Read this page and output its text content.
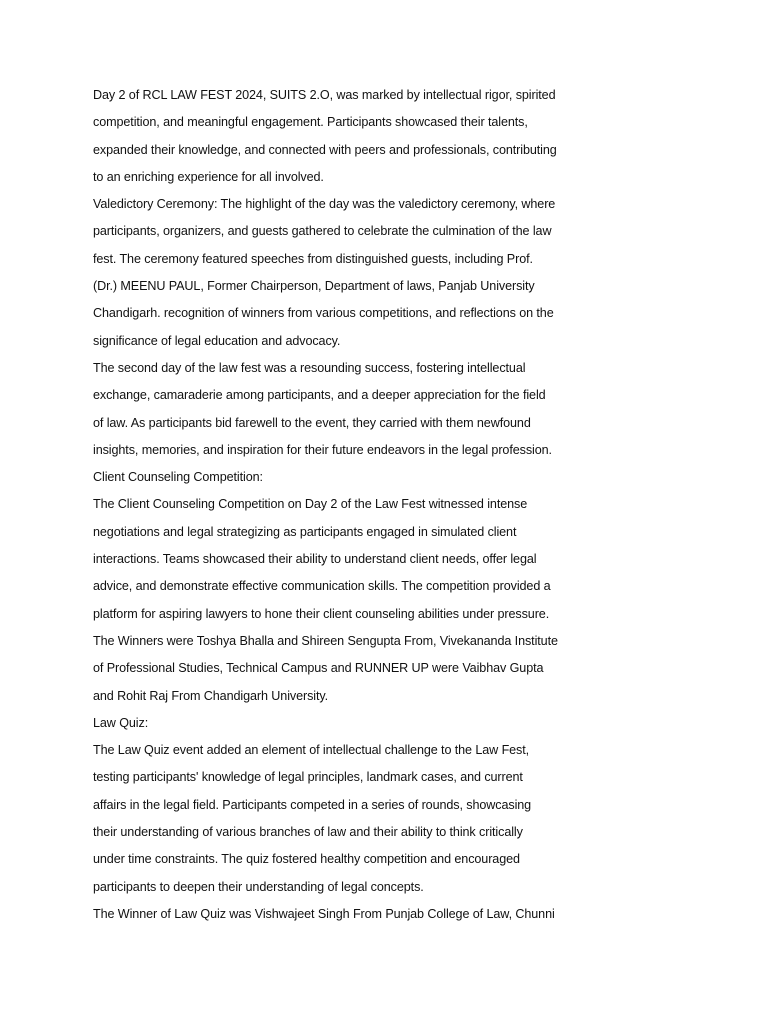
Day 2 of RCL LAW FEST 2024, SUITS 2.O, was marked by intellectual rigor, spirited
competition, and meaningful engagement. Participants showcased their talents,
expanded their knowledge, and connected with peers and professionals, contributing
to an enriching experience for all involved.
Valedictory Ceremony: The highlight of the day was the valedictory ceremony, where
participants, organizers, and guests gathered to celebrate the culmination of the law
fest. The ceremony featured speeches from distinguished guests, including Prof.
(Dr.) MEENU PAUL, Former Chairperson, Department of laws, Panjab University
Chandigarh. recognition of winners from various competitions, and reflections on the
significance of legal education and advocacy.
The second day of the law fest was a resounding success, fostering intellectual
exchange, camaraderie among participants, and a deeper appreciation for the field
of law. As participants bid farewell to the event, they carried with them newfound
insights, memories, and inspiration for their future endeavors in the legal profession.
Client Counseling Competition:
The Client Counseling Competition on Day 2 of the Law Fest witnessed intense
negotiations and legal strategizing as participants engaged in simulated client
interactions. Teams showcased their ability to understand client needs, offer legal
advice, and demonstrate effective communication skills. The competition provided a
platform for aspiring lawyers to hone their client counseling abilities under pressure.
The Winners were Toshya Bhalla and Shireen Sengupta From, Vivekananda Institute
of Professional Studies, Technical Campus and RUNNER UP were Vaibhav Gupta
and Rohit Raj From Chandigarh University.
Law Quiz:
The Law Quiz event added an element of intellectual challenge to the Law Fest,
testing participants' knowledge of legal principles, landmark cases, and current
affairs in the legal field. Participants competed in a series of rounds, showcasing
their understanding of various branches of law and their ability to think critically
under time constraints. The quiz fostered healthy competition and encouraged
participants to deepen their understanding of legal concepts.
The Winner of Law Quiz was Vishwajeet Singh From Punjab College of Law, Chunni
